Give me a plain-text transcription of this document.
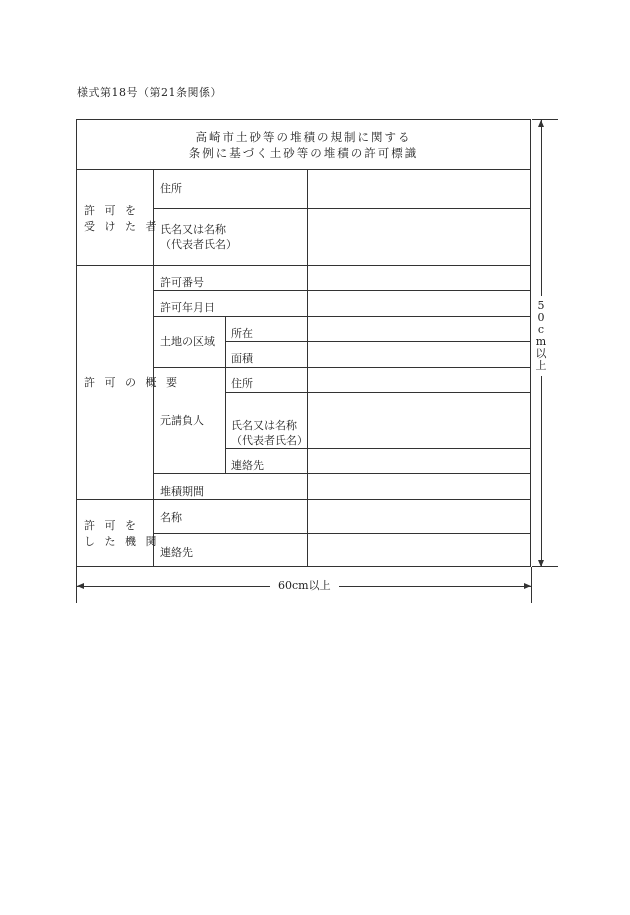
様式第18号（第21条関係）
高崎市土砂等の堆積の規制に関する
条例に基づく土砂等の堆積の許可標識
許 可 を
受 け た 者
許 可 の 概 要
許 可 を
し た 機 関
住所
氏名又は名称
（代表者氏名）
許可番号
許可年月日
土地の区域
所在
面積
元請負人
住所
氏名又は名称
（代表者氏名）
連絡先
堆積期間
名称
連絡先
5
0
c
m
以
上
60cm以上
